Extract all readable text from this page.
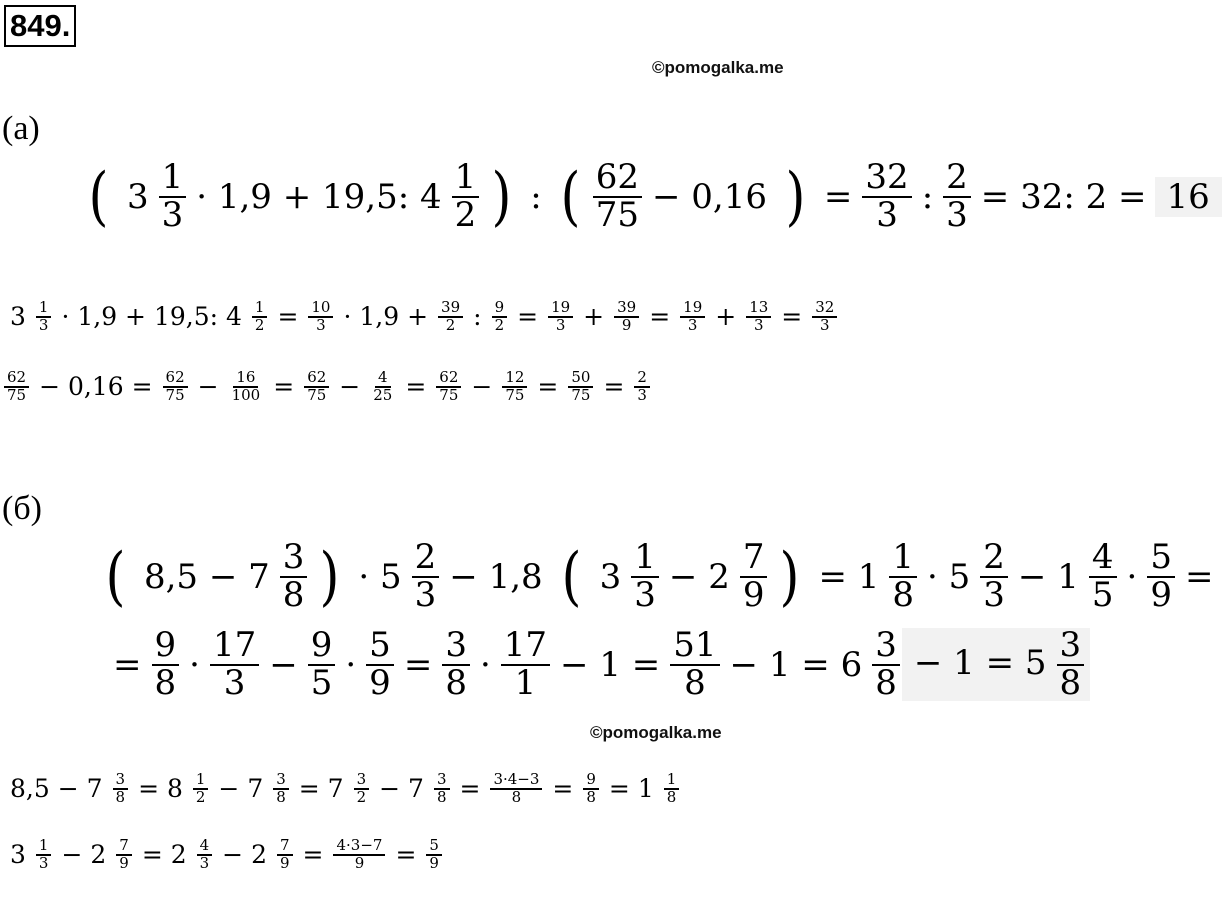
849.
©pomogalka.me
(а)
( $3 \frac{1}{3} \cdot 1,9 + 19,5$: $4 \frac{1}{2}$ ) : ( $\frac{62}{75} - 0,16$ ) = $\frac{32}{3}$ : $\frac{2}{3} = 32$: 2 = 16
$3 \frac{1}{3} \cdot 1,9 + 19,5$: $4 \frac{1}{2} = \frac{10}{3} \cdot 1,9 + \frac{39}{2}$ : $\frac{9}{2} = \frac{19}{3} + \frac{39}{9} = \frac{19}{3} + \frac{13}{3} = \frac{32}{3}$
$\frac{62}{75} - 0,16 = \frac{62}{75} - \frac{16}{100} = \frac{62}{75} - \frac{4}{25} = \frac{62}{75} - \frac{12}{75} = \frac{50}{75} = \frac{2}{3}$
(б)
( $8,5 - 7 \frac{3}{8}$ ) · $5 \frac{2}{3} - 1,8$ ( $3 \frac{1}{3} - 2 \frac{7}{9}$ ) = $1 \frac{1}{8} \cdot 5 \frac{2}{3} - 1 \frac{4}{5} \cdot \frac{5}{9}$ =
= $\frac{9}{8} \cdot \frac{17}{3} - \frac{9}{5} \cdot \frac{5}{9} = \frac{3}{8} \cdot \frac{17}{1} - 1 = \frac{51}{8} - 1 = 6 \frac{3}{8} - 1 = 5 \frac{3}{8}$
©pomogalka.me
$8,5 - 7 \frac{3}{8} = 8 \frac{1}{2} - 7 \frac{3}{8} = 7 \frac{3}{2} - 7 \frac{3}{8} = \frac{3\cdot 4-3}{8} = \frac{9}{8} = 1 \frac{1}{8}$
$3 \frac{1}{3} - 2 \frac{7}{9} = 2 \frac{4}{3} - 2 \frac{7}{9} = \frac{4\cdot 3-7}{9} = \frac{5}{9}$
